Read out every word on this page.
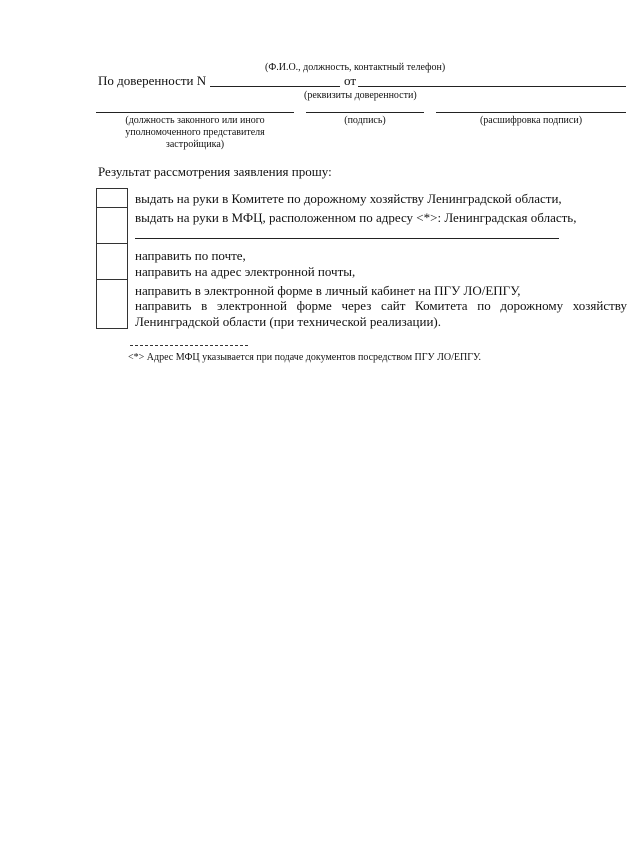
(Ф.И.О., должность, контактный телефон)
По доверенности N	от
(реквизиты доверенности)
(должность законного или иного
уполномоченного представителя
застройщика)
(подпись)	(расшифровка подписи)
Результат рассмотрения заявления прошу:
выдать на руки в Комитете по дорожному хозяйству Ленинградской области,
выдать на руки в МФЦ, расположенном по адресу <*>: Ленинградская область,
направить по почте,
направить на адрес электронной почты,
направить в электронной форме в личный кабинет на ПГУ ЛО/ЕПГУ,
направить в электронной форме через сайт Комитета по дорожному хозяйству
Ленинградской области (при технической реализации).
<*> Адрес МФЦ указывается при подаче документов посредством ПГУ ЛО/ЕПГУ.
